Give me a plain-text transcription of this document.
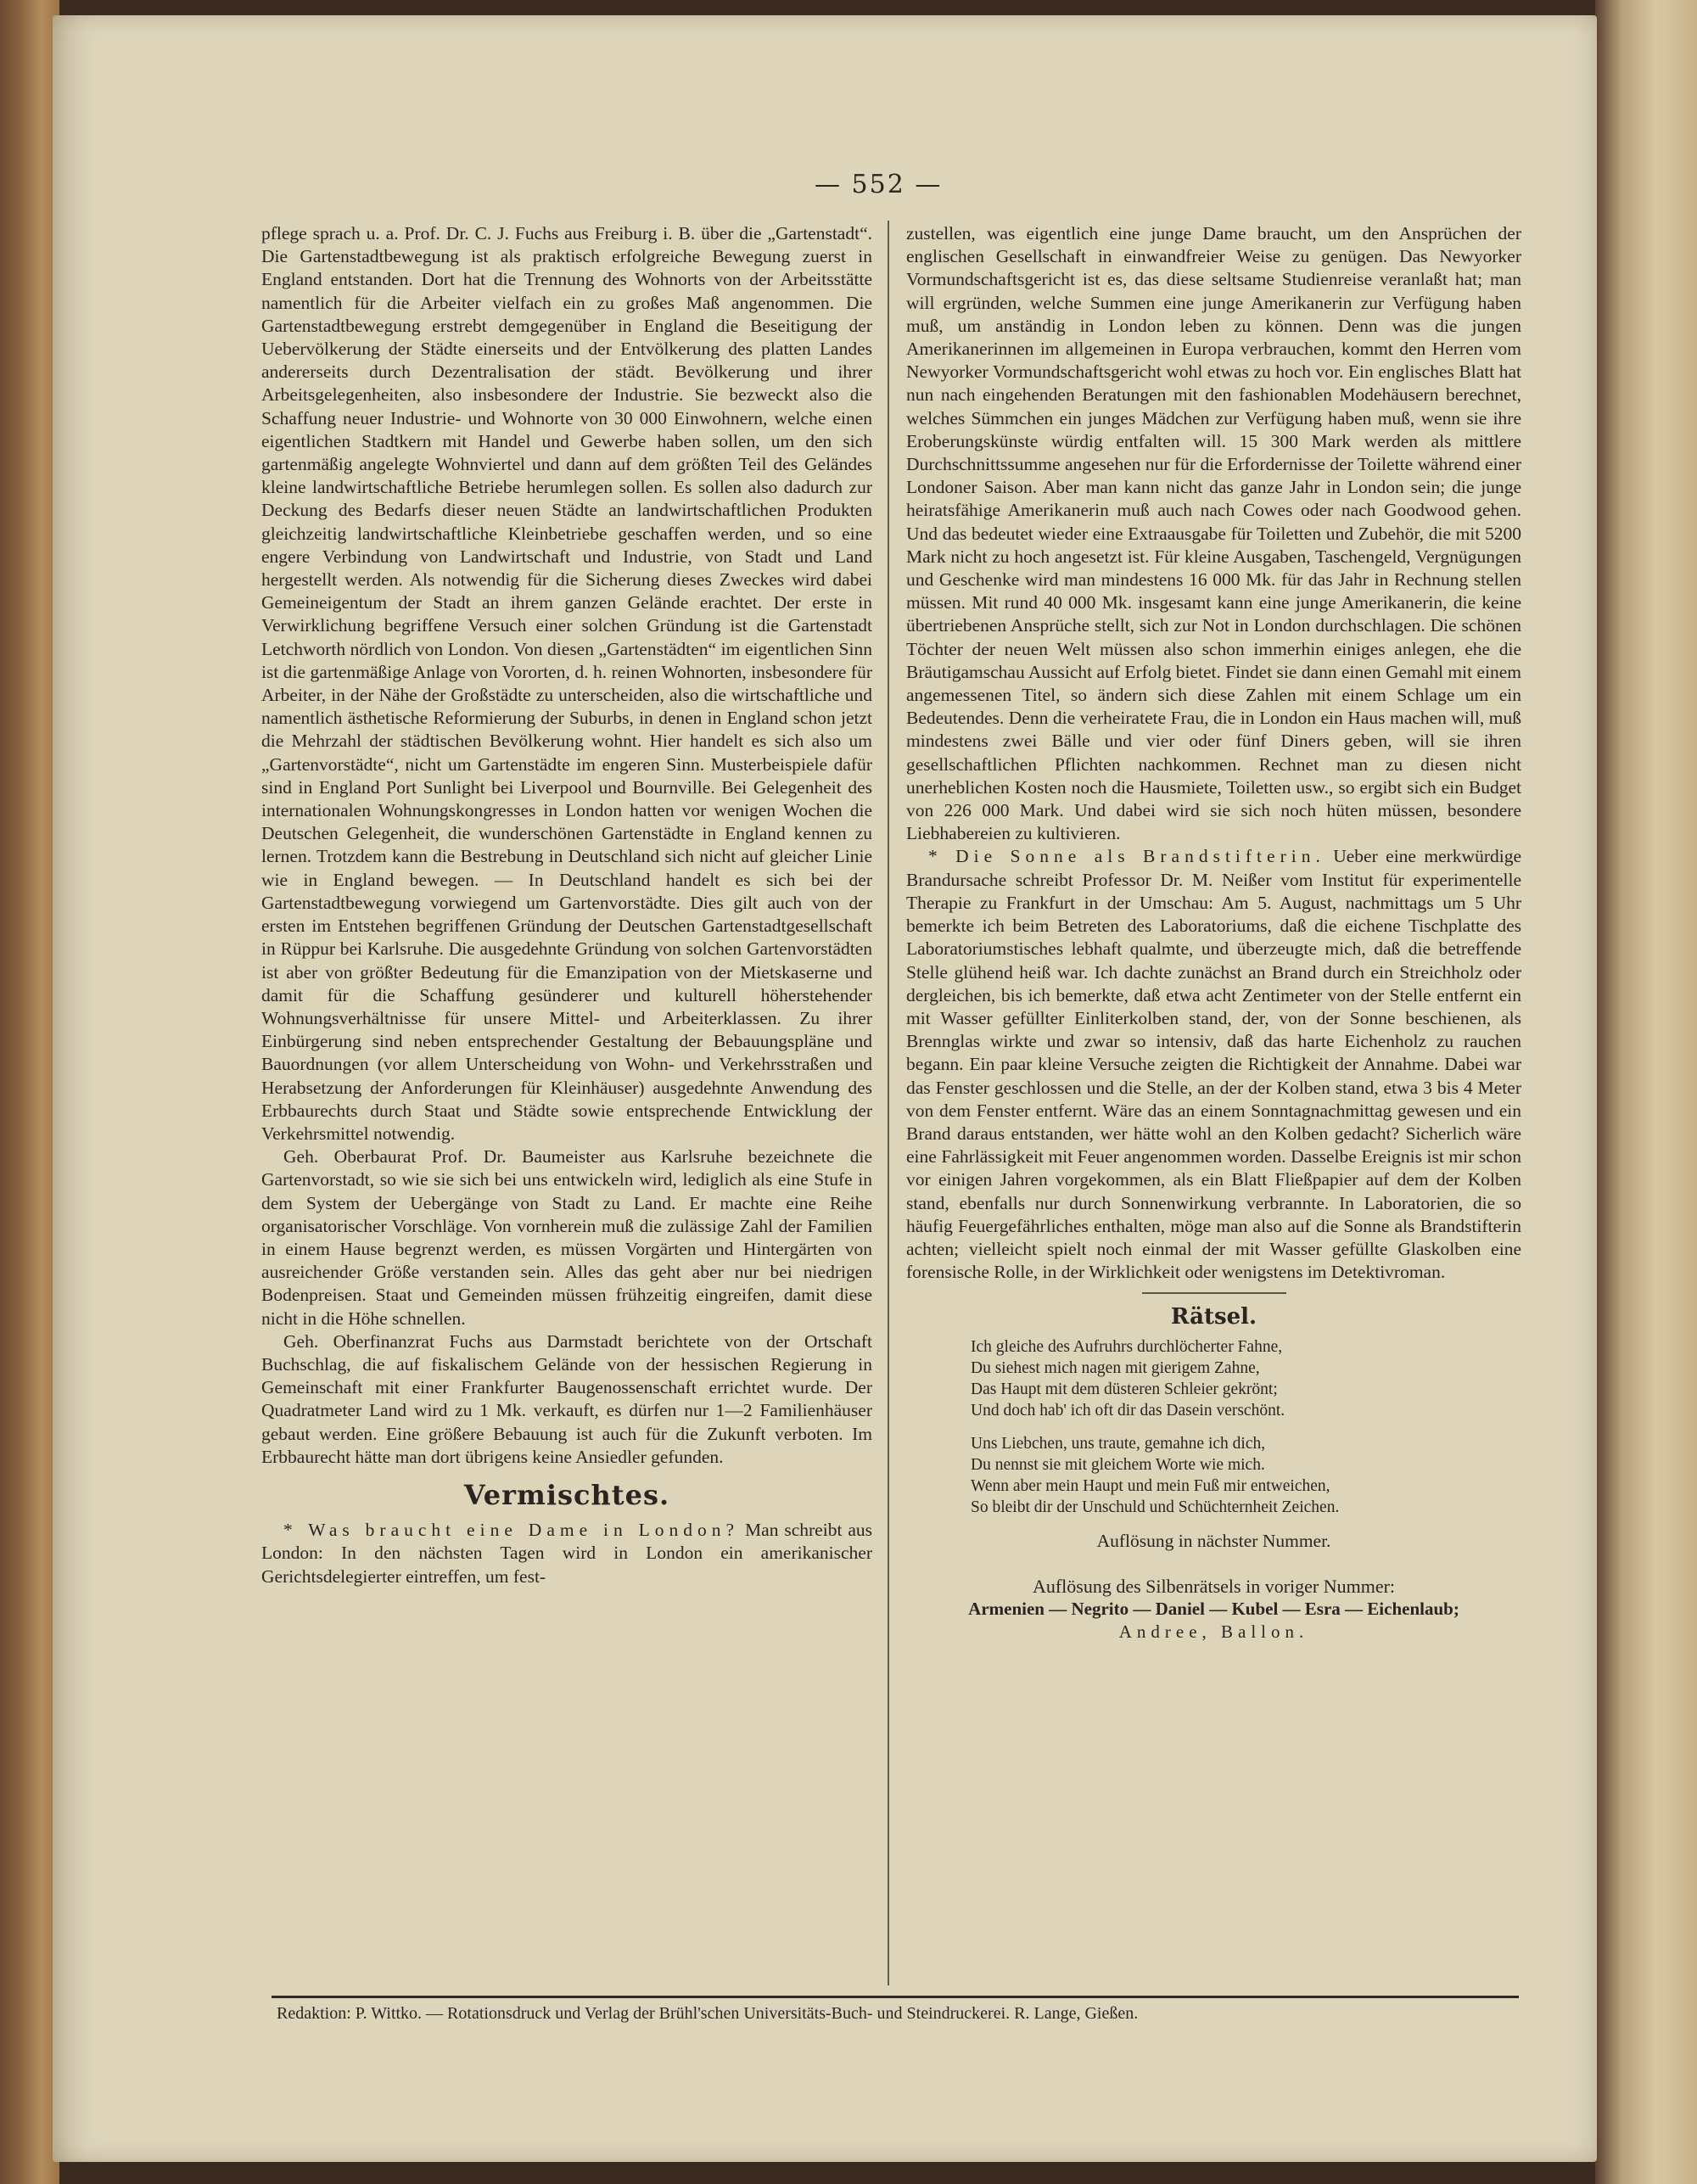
— 552 —

pflege sprach u. a. Prof. Dr. C. J. Fuchs aus Freiburg i. B. über die „Gartenstadt“. Die Gartenstadtbewegung ist als praktisch erfolgreiche Bewegung zuerst in England entstanden. Dort hat die Trennung des Wohnorts von der Arbeitsstätte namentlich für die Arbeiter vielfach ein zu großes Maß angenommen. Die Gartenstadtbewegung erstrebt demgegenüber in England die Beseitigung der Uebervölkerung der Städte einerseits und der Entvölkerung des platten Landes andererseits durch Dezentralisation der städt. Bevölkerung und ihrer Arbeitsgelegenheiten, also insbesondere der Industrie. Sie bezweckt also die Schaffung neuer Industrie- und Wohnorte von 30 000 Einwohnern, welche einen eigentlichen Stadtkern mit Handel und Gewerbe haben sollen, um den sich gartenmäßig angelegte Wohnviertel und dann auf dem größten Teil des Geländes kleine landwirtschaftliche Betriebe herumlegen sollen. Es sollen also dadurch zur Deckung des Bedarfs dieser neuen Städte an landwirtschaftlichen Produkten gleichzeitig landwirtschaftliche Kleinbetriebe geschaffen werden, und so eine engere Verbindung von Landwirtschaft und Industrie, von Stadt und Land hergestellt werden. Als notwendig für die Sicherung dieses Zweckes wird dabei Gemeineigentum der Stadt an ihrem ganzen Gelände erachtet. Der erste in Verwirklichung begriffene Versuch einer solchen Gründung ist die Gartenstadt Letchworth nördlich von London. Von diesen „Gartenstädten“ im eigentlichen Sinn ist die gartenmäßige Anlage von Vororten, d. h. reinen Wohnorten, insbesondere für Arbeiter, in der Nähe der Großstädte zu unterscheiden, also die wirtschaftliche und namentlich ästhetische Reformierung der Suburbs, in denen in England schon jetzt die Mehrzahl der städtischen Bevölkerung wohnt. Hier handelt es sich also um „Gartenvorstädte“, nicht um Gartenstädte im engeren Sinn. Musterbeispiele dafür sind in England Port Sunlight bei Liverpool und Bournville. Bei Gelegenheit des internationalen Wohnungskongresses in London hatten vor wenigen Wochen die Deutschen Gelegenheit, die wunderschönen Gartenstädte in England kennen zu lernen. Trotzdem kann die Bestrebung in Deutschland sich nicht auf gleicher Linie wie in England bewegen. — In Deutschland handelt es sich bei der Gartenstadtbewegung vorwiegend um Gartenvorstädte. Dies gilt auch von der ersten im Entstehen begriffenen Gründung der Deutschen Gartenstadtgesellschaft in Rüppur bei Karlsruhe. Die ausgedehnte Gründung von solchen Gartenvorstädten ist aber von größter Bedeutung für die Emanzipation von der Mietskaserne und damit für die Schaffung gesünderer und kulturell höherstehender Wohnungsverhältnisse für unsere Mittel- und Arbeiterklassen. Zu ihrer Einbürgerung sind neben entsprechender Gestaltung der Bebauungspläne und Bauordnungen (vor allem Unterscheidung von Wohn- und Verkehrsstraßen und Herabsetzung der Anforderungen für Kleinhäuser) ausgedehnte Anwendung des Erbbaurechts durch Staat und Städte sowie entsprechende Entwicklung der Verkehrsmittel notwendig.

Geh. Oberbaurat Prof. Dr. Baumeister aus Karlsruhe bezeichnete die Gartenvorstadt, so wie sie sich bei uns entwickeln wird, lediglich als eine Stufe in dem System der Uebergänge von Stadt zu Land. Er machte eine Reihe organisatorischer Vorschläge. Von vornherein muß die zulässige Zahl der Familien in einem Hause begrenzt werden, es müssen Vorgärten und Hintergärten von ausreichender Größe verstanden sein. Alles das geht aber nur bei niedrigen Bodenpreisen. Staat und Gemeinden müssen frühzeitig eingreifen, damit diese nicht in die Höhe schnellen.

Geh. Oberfinanzrat Fuchs aus Darmstadt berichtete von der Ortschaft Buchschlag, die auf fiskalischem Gelände von der hessischen Regierung in Gemeinschaft mit einer Frankfurter Baugenossenschaft errichtet wurde. Der Quadratmeter Land wird zu 1 Mk. verkauft, es dürfen nur 1—2 Familienhäuser gebaut werden. Eine größere Bebauung ist auch für die Zukunft verboten. Im Erbbaurecht hätte man dort übrigens keine Ansiedler gefunden.

Vermischtes.

* Was braucht eine Dame in London? Man schreibt aus London: In den nächsten Tagen wird in London ein amerikanischer Gerichtsdelegierter eintreffen, um fest-

zustellen, was eigentlich eine junge Dame braucht, um den Ansprüchen der englischen Gesellschaft in einwandfreier Weise zu genügen. Das Newyorker Vormundschaftsgericht ist es, das diese seltsame Studienreise veranlaßt hat; man will ergründen, welche Summen eine junge Amerikanerin zur Verfügung haben muß, um anständig in London leben zu können. Denn was die jungen Amerikanerinnen im allgemeinen in Europa verbrauchen, kommt den Herren vom Newyorker Vormundschaftsgericht wohl etwas zu hoch vor. Ein englisches Blatt hat nun nach eingehenden Beratungen mit den fashionablen Modehäusern berechnet, welches Sümmchen ein junges Mädchen zur Verfügung haben muß, wenn sie ihre Eroberungskünste würdig entfalten will. 15 300 Mark werden als mittlere Durchschnittssumme angesehen nur für die Erfordernisse der Toilette während einer Londoner Saison. Aber man kann nicht das ganze Jahr in London sein; die junge heiratsfähige Amerikanerin muß auch nach Cowes oder nach Goodwood gehen. Und das bedeutet wieder eine Extraausgabe für Toiletten und Zubehör, die mit 5200 Mark nicht zu hoch angesetzt ist. Für kleine Ausgaben, Taschengeld, Vergnügungen und Geschenke wird man mindestens 16 000 Mk. für das Jahr in Rechnung stellen müssen. Mit rund 40 000 Mk. insgesamt kann eine junge Amerikanerin, die keine übertriebenen Ansprüche stellt, sich zur Not in London durchschlagen. Die schönen Töchter der neuen Welt müssen also schon immerhin einiges anlegen, ehe die Bräutigamschau Aussicht auf Erfolg bietet. Findet sie dann einen Gemahl mit einem angemessenen Titel, so ändern sich diese Zahlen mit einem Schlage um ein Bedeutendes. Denn die verheiratete Frau, die in London ein Haus machen will, muß mindestens zwei Bälle und vier oder fünf Diners geben, will sie ihren gesellschaftlichen Pflichten nachkommen. Rechnet man zu diesen nicht unerheblichen Kosten noch die Hausmiete, Toiletten usw., so ergibt sich ein Budget von 226 000 Mark. Und dabei wird sie sich noch hüten müssen, besondere Liebhabereien zu kultivieren.

* Die Sonne als Brandstifterin. Ueber eine merkwürdige Brandursache schreibt Professor Dr. M. Neißer vom Institut für experimentelle Therapie zu Frankfurt in der Umschau: Am 5. August, nachmittags um 5 Uhr bemerkte ich beim Betreten des Laboratoriums, daß die eichene Tischplatte des Laboratoriumstisches lebhaft qualmte, und überzeugte mich, daß die betreffende Stelle glühend heiß war. Ich dachte zunächst an Brand durch ein Streichholz oder dergleichen, bis ich bemerkte, daß etwa acht Zentimeter von der Stelle entfernt ein mit Wasser gefüllter Einliterkolben stand, der, von der Sonne beschienen, als Brennglas wirkte und zwar so intensiv, daß das harte Eichenholz zu rauchen begann. Ein paar kleine Versuche zeigten die Richtigkeit der Annahme. Dabei war das Fenster geschlossen und die Stelle, an der der Kolben stand, etwa 3 bis 4 Meter von dem Fenster entfernt. Wäre das an einem Sonntagnachmittag gewesen und ein Brand daraus entstanden, wer hätte wohl an den Kolben gedacht? Sicherlich wäre eine Fahrlässigkeit mit Feuer angenommen worden. Dasselbe Ereignis ist mir schon vor einigen Jahren vorgekommen, als ein Blatt Fließpapier auf dem der Kolben stand, ebenfalls nur durch Sonnenwirkung verbrannte. In Laboratorien, die so häufig Feuergefährliches enthalten, möge man also auf die Sonne als Brandstifterin achten; vielleicht spielt noch einmal der mit Wasser gefüllte Glaskolben eine forensische Rolle, in der Wirklichkeit oder wenigstens im Detektivroman.

Rätsel.
Ich gleiche des Aufruhrs durchlöcherter Fahne,
Du siehest mich nagen mit gierigem Zahne,
Das Haupt mit dem düsteren Schleier gekrönt;
Und doch hab' ich oft dir das Dasein verschönt.
Uns Liebchen, uns traute, gemahne ich dich,
Du nennst sie mit gleichem Worte wie mich.
Wenn aber mein Haupt und mein Fuß mir entweichen,
So bleibt dir der Unschuld und Schüchternheit Zeichen.
Auflösung in nächster Nummer.
Auflösung des Silbenrätsels in voriger Nummer:
Armenien — Negrito — Daniel — Kubel — Esra — Eichenlaub;
Andree, Ballon.
Redaktion: P. Wittko. — Rotationsdruck und Verlag der Brühl'schen Universitäts-Buch- und Steindruckerei. R. Lange, Gießen.
